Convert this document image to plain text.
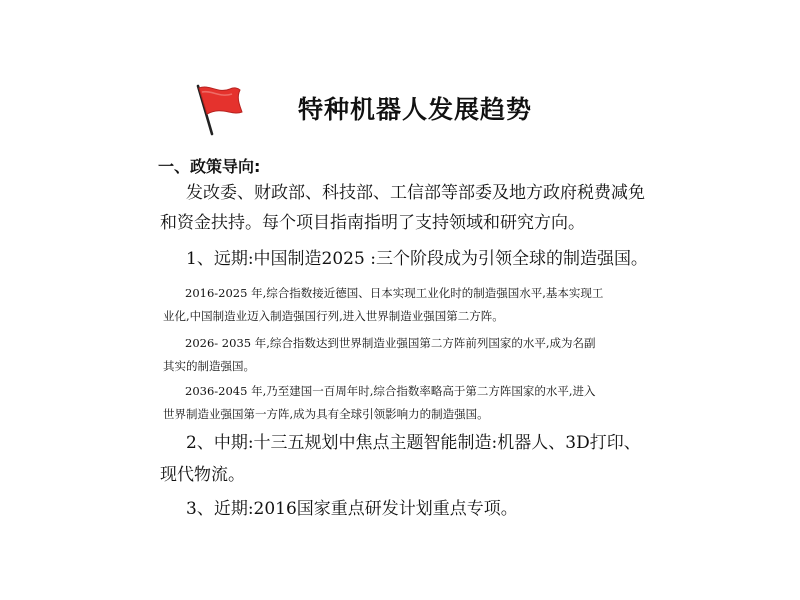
特种机器人发展趋势
一、政策导向:
发改委、财政部、科技部、工信部等部委及地方政府税费减免
和资金扶持。每个项目指南指明了支持领域和研究方向。
1、远期:中国制造2025 :三个阶段成为引领全球的制造强国。
2016-2025 年,综合指数接近德国、日本实现工业化时的制造强国水平,基本实现工
业化,中国制造业迈入制造强国行列,进入世界制造业强国第二方阵。
2026- 2035 年,综合指数达到世界制造业强国第二方阵前列国家的水平,成为名副
其实的制造强国。
2036-2045 年,乃至建国一百周年时,综合指数率略高于第二方阵国家的水平,进入
世界制造业强国第一方阵,成为具有全球引领影响力的制造强国。
2、中期:十三五规划中焦点主题智能制造:机器人、3D打印、
现代物流。
3、近期:2016国家重点研发计划重点专项。
